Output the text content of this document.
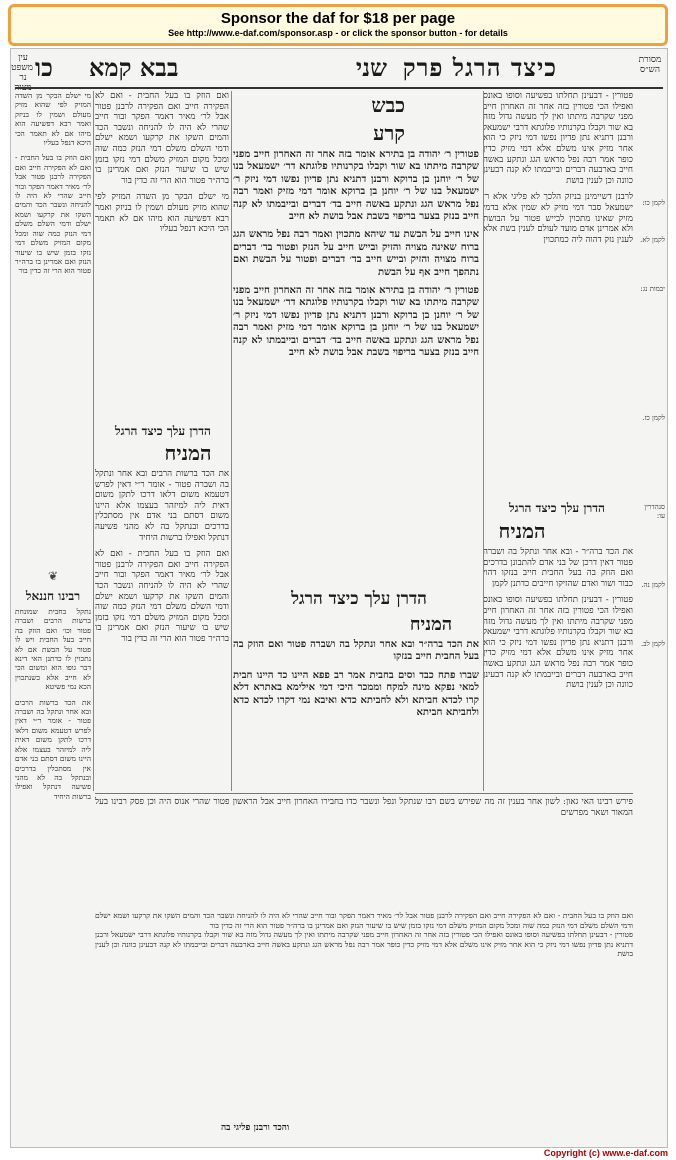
Sponsor the daf for $18 per page
See http://www.e-daf.com/sponsor.asp - or click the sponsor button - for details
מסורת הש״ס
כיצד הרגל פרק
שני
בבא קמא
כו
עין משפט נר מצוה
פטורין - דבעינן תחלתו בפשיעה וסופו באונס ואפילו הכי פטורין בזה אחר זה האחרון חייב מפני שקרבה מיתתו ואין לך מעשה גדול מזה בא שור וקבלו בקרנותיו פלוגתא דרבי ישמעאל ורבנן דתניא נתן פדיון נפשו דמי ניזק כי הוא אחר מזיק אינו משלם אלא דמי מזיק כדין כופר אמר רבה נפל מראש הגג ונתקע באשה חייב בארבעה דברים ובייבמתו לא קנה דבעינן כוונה וכן לענין בושת
לרבנן דשיימינן בניזק הלכך לא פליגי אלא ר׳ ישמעאל סבר דמי מזיק לא שמין אלא בדמי מזיק שאינו מתכוין לבייש פטור על הבושת ולא אמרינן אדם מועד לעולם לענין בשת אלא לענין נזק דהוה ליה כמתכוין
הדרן עלך כיצד הרגל
המניח
את הכד ברה״ר - ובא אחר ונתקל בה ושברה פטור דאין דרכן של בני אדם להתבונן בדרכים ואם הוזק בה בעל החבית חייב בנזקו דהוי כבור ושור ואדם שהזיקו חייבים כדתנן לקמן
פטורין - דבעינן תחלתו בפשיעה וסופו באונס ואפילו הכי פטורין בזה אחר זה האחרון חייב מפני שקרבה מיתתו ואין לך מעשה גדול מזה בא שור וקבלו בקרנותיו פלוגתא דרבי ישמעאל ורבנן דתניא נתן פדיון נפשו דמי ניזק כי הוא אחר מזיק אינו משלם אלא דמי מזיק כדין כופר אמר רבה נפל מראש הגג ונתקע באשה חייב בארבעה דברים ובייבמתו לא קנה דבעינן כוונה וכן לענין בושת
לקמן כו:
לקמן לא.
יבמות נג:
לקמן כז.
סנהדרין עו:
לקמן נה.
לקמן לב.
כבש
קרע
פטורין ר׳ יהודה בן בתירא אומר בזה אחר זה האחרון חייב מפני שקרבה מיתתו בא שור וקבלו בקרנותיו פלוגתא דר׳ ישמעאל בנו של ר׳ יוחנן בן ברוקא ורבנן דתניא נתן פדיון נפשו דמי ניזק ר׳ ישמעאל בנו של ר׳ יוחנן בן ברוקא אומר דמי מזיק ואמר רבה נפל מראש הגג ונתקע באשה חייב בד׳ דברים ובייבמתו לא קנה חייב בנזק בצער בריפוי בשבת אבל בושת לא חייב
אינו חייב על הבשת עד שיהא מתכוין ואמר רבה נפל מראש הגג ברוח שאינה מצויה והזיק ובייש חייב על הנזק ופטור בד׳ דברים ברוח מצויה והזיק ובייש חייב בד׳ דברים ופטור על הבשת ואם נתהפך חייב אף על הבשת
פטורין ר׳ יהודה בן בתירא אומר בזה אחר זה האחרון חייב מפני שקרבה מיתתו בא שור וקבלו בקרנותיו פלוגתא דר׳ ישמעאל בנו של ר׳ יוחנן בן ברוקא ורבנן דתניא נתן פדיון נפשו דמי ניזק ר׳ ישמעאל בנו של ר׳ יוחנן בן ברוקא אומר דמי מזיק ואמר רבה נפל מראש הגג ונתקע באשה חייב בד׳ דברים ובייבמתו לא קנה חייב בנזק בצער בריפוי בשבת אבל בושת לא חייב
הדרן עלך כיצד הרגל
המניח
את הכד ברה״ר ובא אחר ונתקל בה ושברה פטור ואם הוזק בה בעל החבית חייב בנזקו
שברו פתח כבד וסים בחבית אמר רב פפא היינו כד היינו חבית למאי נפקא מינה למקח וממכר היכי דמי אילימא באתרא דלא קרו לכדא חביתא ולא לחביתא כדא ואיבא נמי דקרו לכדא כדא ולחביתא חביתא
ואם הוזק בו בעל החבית - ואם לא הפקירה חייב ואם הפקירה לרבנן פטור אבל לר׳ מאיר דאמר הפקר ובור חייב שהרי לא היה לו להניחה ונשבר הכד והמים השקו את קרקעו ושמא ישלם ודמי השלם משלם דמי הנזק כמה שוה ומכל מקום המזיק משלם דמי נזקו בזמן שיש בו שיעור הנזק ואם אמרינן בו ברה״ר פטור הוא הרי זה כדין בור
מי ישלם הבקר מן השדה המזיק לפי שהוא מזיק מעולם ושמין לו בניזק ואמר רבא דפשיעה הוא מיהו אם לא תאמר הכי היכא דנפל בעליו
הדרן עלך כיצד הרגל
המניח
את הכד ברשות הרבים ובא אחר ונתקל בה ושברה פטור - אומר ר״י דאין לפרש דטעמא משום דלאו דרכו לתקן משום דאית ליה למיזהר בעצמו אלא היינו משום דסתם בני אדם אין מסתכלין בדרכים ובנתקל בה לא מהני פשיעה דנתקל ואפילו ברשות היחיד
ואם הוזק בו בעל החבית - ואם לא הפקירה חייב ואם הפקירה לרבנן פטור אבל לר׳ מאיר דאמר הפקר ובור חייב שהרי לא היה לו להניחה ונשבר הכד והמים השקו את קרקעו ושמא ישלם ודמי השלם משלם דמי הנזק כמה שוה ומכל מקום המזיק משלם דמי נזקו בזמן שיש בו שיעור הנזק ואם אמרינן בו ברה״ר פטור הוא הרי זה כדין בור
מי ישלם הבקר מן השדה המזיק לפי שהוא מזיק מעולם ושמין לו בניזק ואמר רבא דפשיעה הוא מיהו אם לא תאמר הכי היכא דנפל בעליו
ואם הוזק בו בעל החבית - ואם לא הפקירה חייב ואם הפקירה לרבנן פטור אבל לר׳ מאיר דאמר הפקר ובור חייב שהרי לא היה לו להניחה ונשבר הכד והמים השקו את קרקעו ושמא ישלם ודמי השלם משלם דמי הנזק כמה שוה ומכל מקום המזיק משלם דמי נזקו בזמן שיש בו שיעור הנזק ואם אמרינן בו ברה״ר פטור הוא הרי זה כדין בור
❦
רבינו חננאל
נתקל בחבית שמונחת ברשות הרבים ושברה פטור וכו׳ ואם הוזק בה חייב בעל החבית ויש לו פטור על הבשת אם לא נתכוין לו כדתנן האי דינא דבר גופו הוא ומשום הכי לא חייב אלא כשנתכוין הכא נמי פשיטא
את הכד ברשות הרבים ובא אחר ונתקל בה ושברה פטור - אומר ר״י דאין לפרש דטעמא משום דלאו דרכו לתקן משום דאית ליה למיזהר בעצמו אלא היינו משום דסתם בני אדם אין מסתכלין בדרכים ובנתקל בה לא מהני פשיעה דנתקל ואפילו ברשות היחיד
פירש רבינו האי גאון: לשון אחר בענין זה מה שפירש בשם רבו שנתקל ונפל ונשבר כדו בחבירו האחרון חייב אבל הראשון פטור שהרי אנוס היה וכן פסק רבינו בעל המאור ושאר מפרשים
ואם הוזק בו בעל החבית - ואם לא הפקירה חייב ואם הפקירה לרבנן פטור אבל לר׳ מאיר דאמר הפקר ובור חייב שהרי לא היה לו להניחה ונשבר הכד והמים השקו את קרקעו ושמא ישלם ודמי השלם משלם דמי הנזק כמה שוה ומכל מקום המזיק משלם דמי נזקו בזמן שיש בו שיעור הנזק ואם אמרינן בו ברה״ר פטור הוא הרי זה כדין בור
פטורין - דבעינן תחלתו בפשיעה וסופו באונס ואפילו הכי פטורין בזה אחר זה האחרון חייב מפני שקרבה מיתתו ואין לך מעשה גדול מזה בא שור וקבלו בקרנותיו פלוגתא דרבי ישמעאל ורבנן דתניא נתן פדיון נפשו דמי ניזק כי הוא אחר מזיק אינו משלם אלא דמי מזיק כדין כופר אמר רבה נפל מראש הגג ונתקע באשה חייב בארבעה דברים ובייבמתו לא קנה דבעינן כוונה וכן לענין בושת
והכד ורבנן פליגי בה
Copyright (c) www.e-daf.com
